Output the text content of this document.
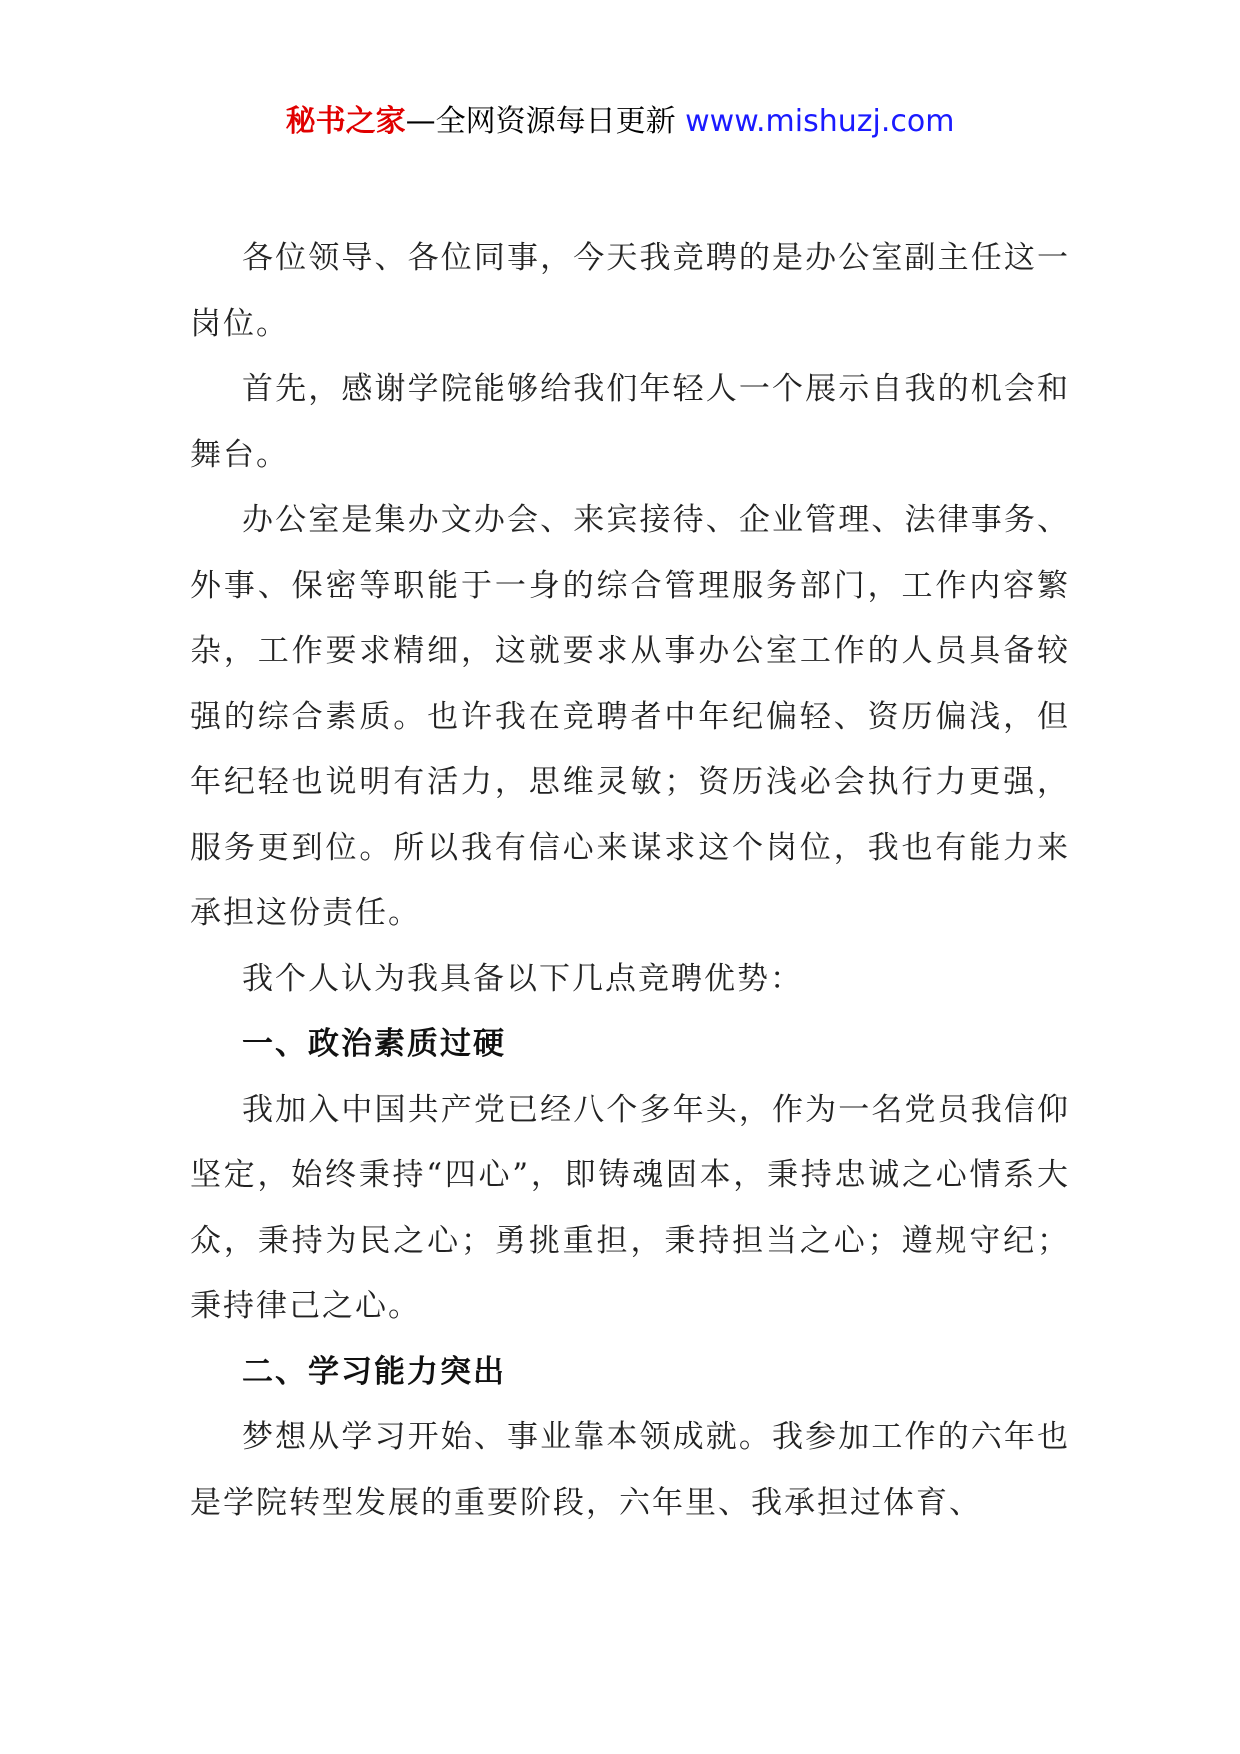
秘书之家—全网资源每日更新 www.mishuzj.com

各位领导、各位同事，今天我竞聘的是办公室副主任这一岗位。

首先，感谢学院能够给我们年轻人一个展示自我的机会和舞台。

办公室是集办文办会、来宾接待、企业管理、法律事务、外事、保密等职能于一身的综合管理服务部门，工作内容繁杂，工作要求精细，这就要求从事办公室工作的人员具备较强的综合素质。也许我在竞聘者中年纪偏轻、资历偏浅，但年纪轻也说明有活力，思维灵敏；资历浅必会执行力更强，服务更到位。所以我有信心来谋求这个岗位，我也有能力来承担这份责任。

我个人认为我具备以下几点竞聘优势：

一、政治素质过硬

我加入中国共产党已经八个多年头，作为一名党员我信仰坚定，始终秉持“四心”，即铸魂固本，秉持忠诚之心情系大众，秉持为民之心；勇挑重担，秉持担当之心；遵规守纪；秉持律己之心。

二、学习能力突出

梦想从学习开始、事业靠本领成就。我参加工作的六年也是学院转型发展的重要阶段，六年里、我承担过体育、
